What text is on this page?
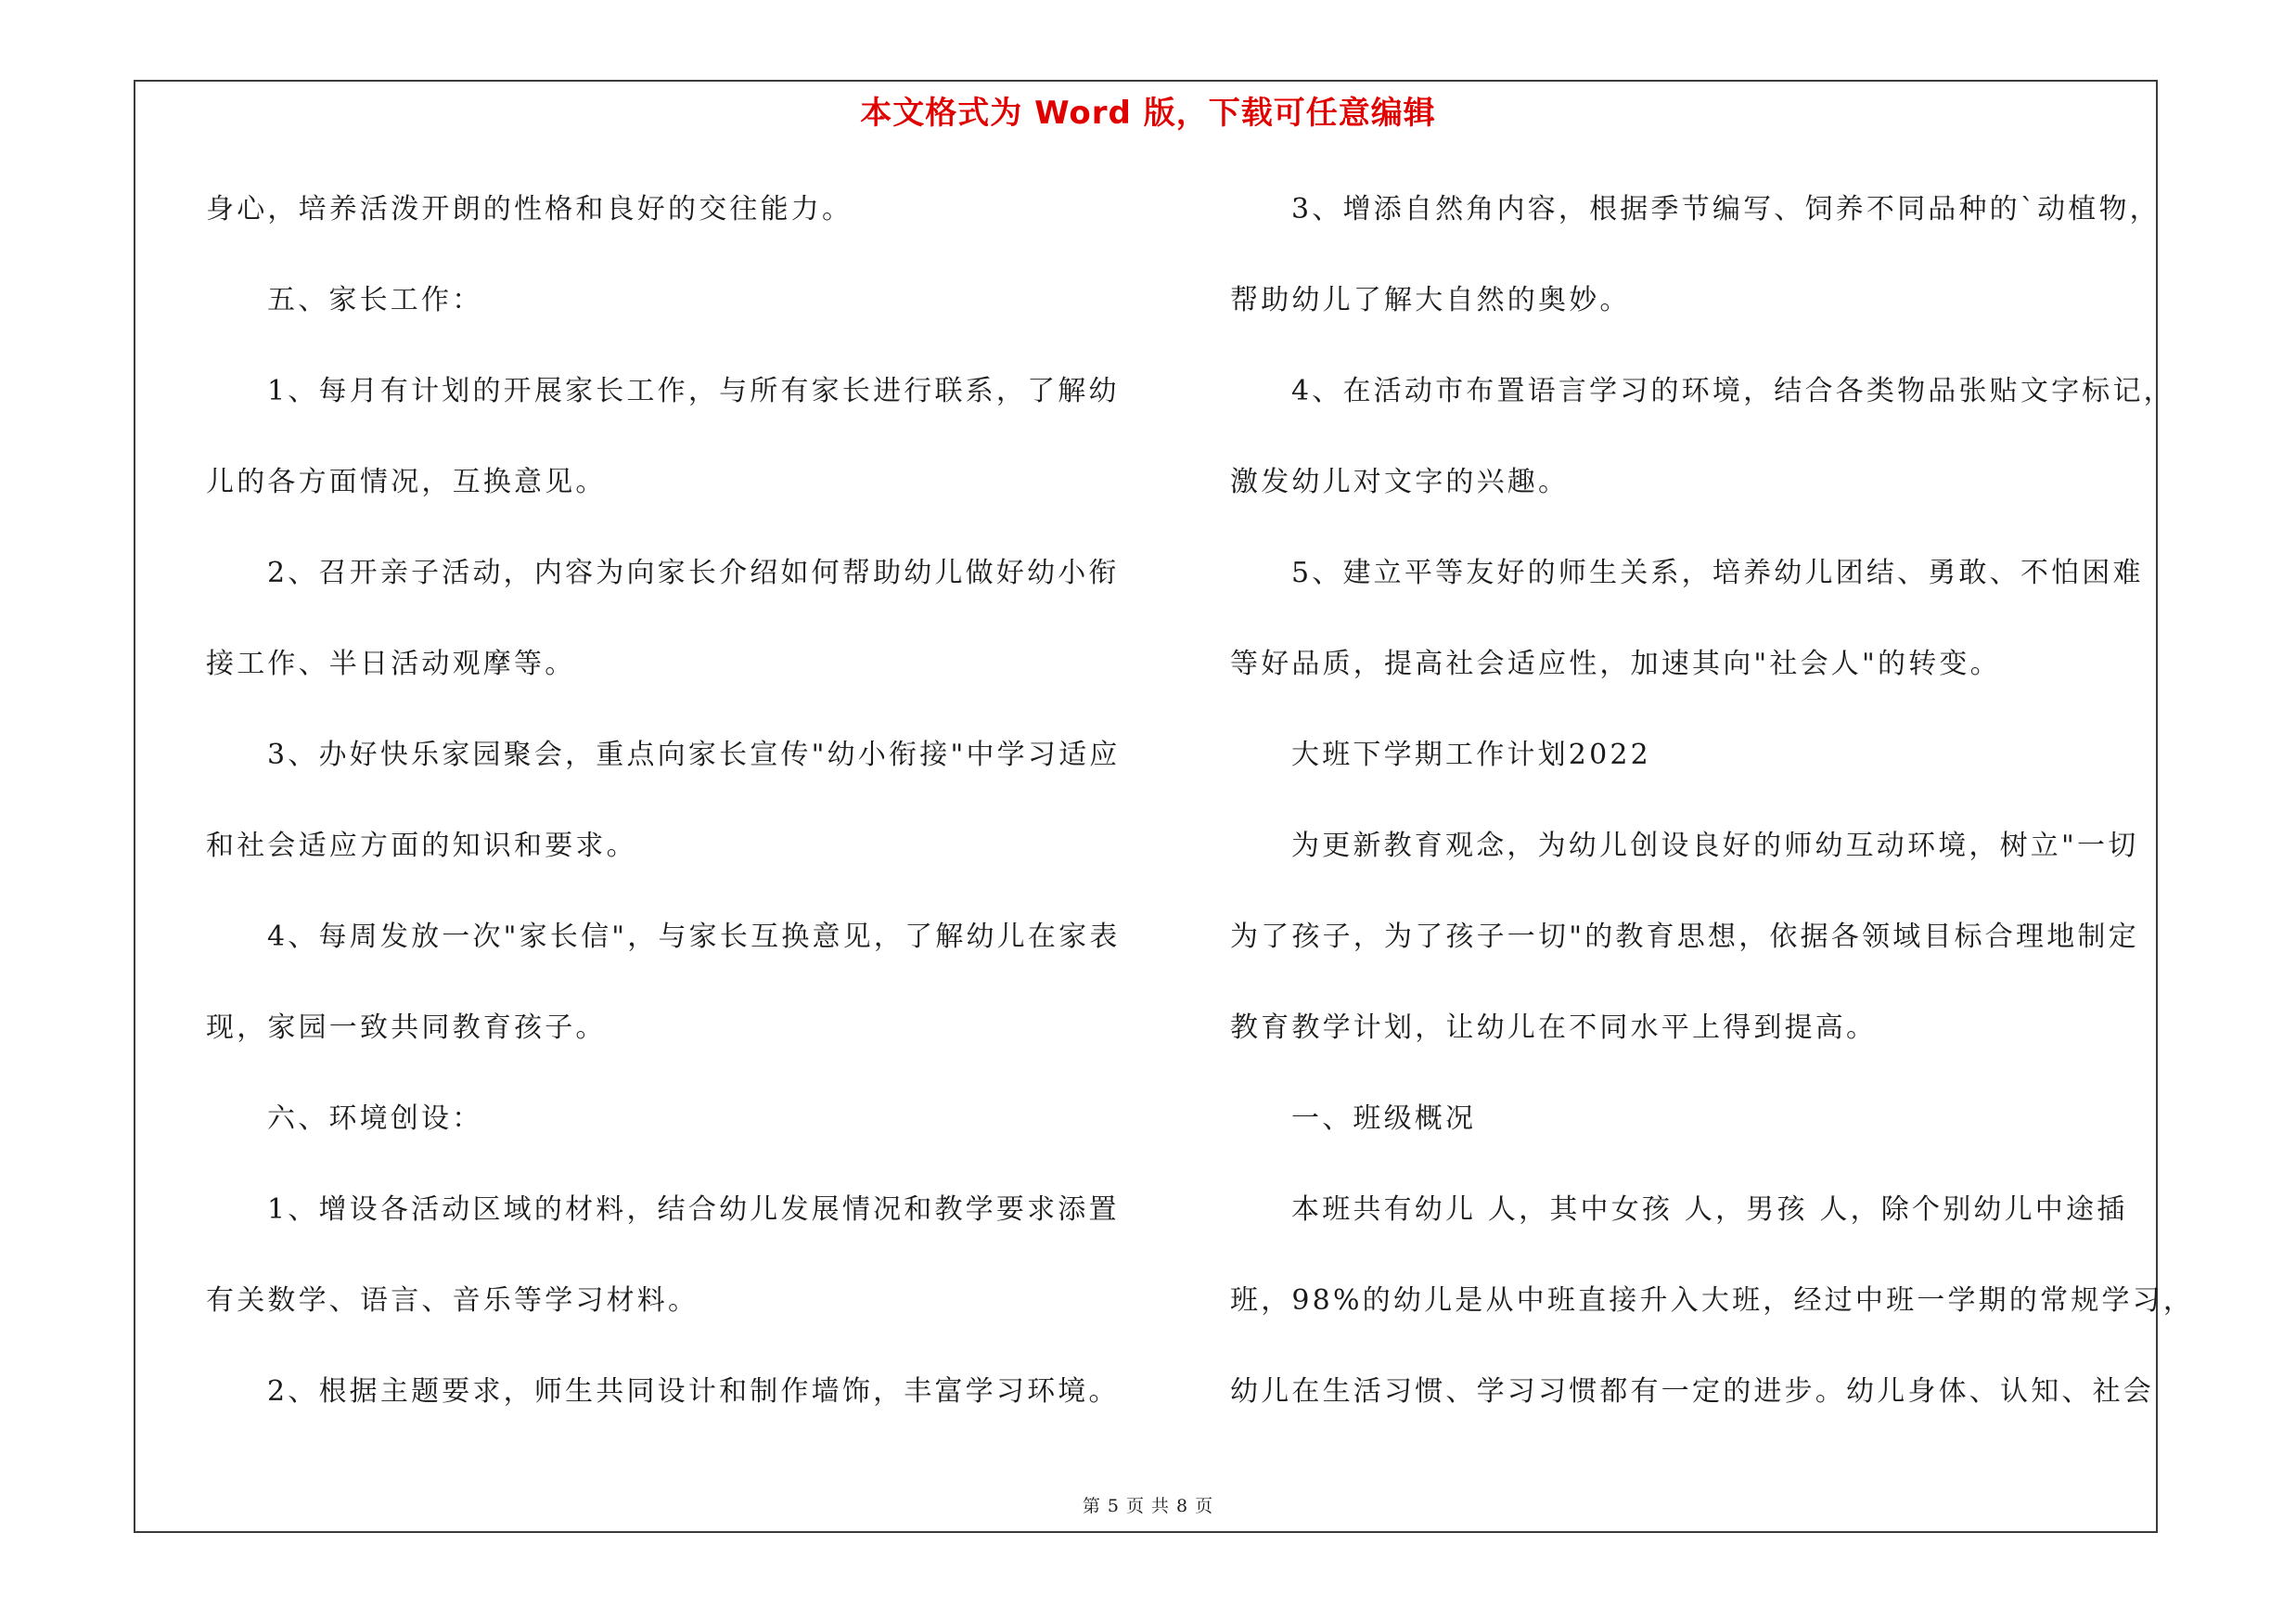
本文格式为 Word 版，下载可任意编辑
身心，培养活泼开朗的性格和良好的交往能力。
五、家长工作：
1、每月有计划的开展家长工作，与所有家长进行联系，了解幼
儿的各方面情况，互换意见。
2、召开亲子活动，内容为向家长介绍如何帮助幼儿做好幼小衔
接工作、半日活动观摩等。
3、办好快乐家园聚会，重点向家长宣传"幼小衔接"中学习适应
和社会适应方面的知识和要求。
4、每周发放一次"家长信"，与家长互换意见，了解幼儿在家表
现，家园一致共同教育孩子。
六、环境创设：
1、增设各活动区域的材料，结合幼儿发展情况和教学要求添置
有关数学、语言、音乐等学习材料。
2、根据主题要求，师生共同设计和制作墙饰，丰富学习环境。
3、增添自然角内容，根据季节编写、饲养不同品种的`动植物，
帮助幼儿了解大自然的奥妙。
4、在活动市布置语言学习的环境，结合各类物品张贴文字标记，
激发幼儿对文字的兴趣。
5、建立平等友好的师生关系，培养幼儿团结、勇敢、不怕困难
等好品质，提高社会适应性，加速其向"社会人"的转变。
大班下学期工作计划2022
为更新教育观念，为幼儿创设良好的师幼互动环境，树立"一切
为了孩子，为了孩子一切"的教育思想，依据各领域目标合理地制定
教育教学计划，让幼儿在不同水平上得到提高。
一、班级概况
本班共有幼儿 人，其中女孩 人，男孩 人，除个别幼儿中途插
班，98%的幼儿是从中班直接升入大班，经过中班一学期的常规学习，
幼儿在生活习惯、学习习惯都有一定的进步。幼儿身体、认知、社会
第 5 页 共 8 页
